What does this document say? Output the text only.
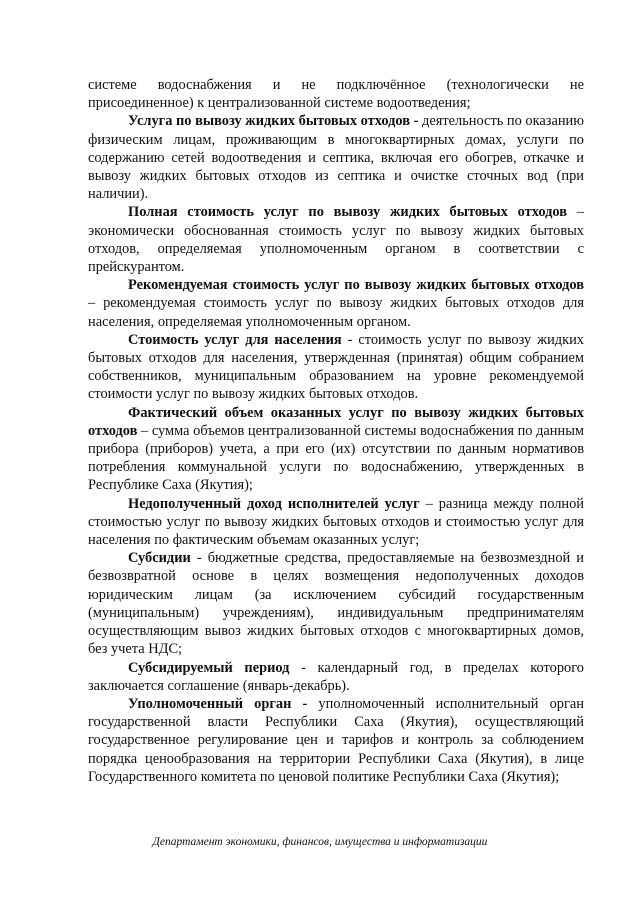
системе водоснабжения и не подключённое (технологически не присоединенное) к централизованной системе водоотведения;

Услуга по вывозу жидких бытовых отходов - деятельность по оказанию физическим лицам, проживающим в многоквартирных домах, услуги по содержанию сетей водоотведения и септика, включая его обогрев, откачке и вывозу жидких бытовых отходов из септика и очистке сточных вод (при наличии).

Полная стоимость услуг по вывозу жидких бытовых отходов – экономически обоснованная стоимость услуг по вывозу жидких бытовых отходов, определяемая уполномоченным органом в соответствии с прейскурантом.

Рекомендуемая стоимость услуг по вывозу жидких бытовых отходов – рекомендуемая стоимость услуг по вывозу жидких бытовых отходов для населения, определяемая уполномоченным органом.

Стоимость услуг для населения - стоимость услуг по вывозу жидких бытовых отходов для населения, утвержденная (принятая) общим собранием собственников, муниципальным образованием на уровне рекомендуемой стоимости услуг по вывозу жидких бытовых отходов.

Фактический объем оказанных услуг по вывозу жидких бытовых отходов – сумма объемов централизованной системы водоснабжения по данным прибора (приборов) учета, а при его (их) отсутствии по данным нормативов потребления коммунальной услуги по водоснабжению, утвержденных в Республике Саха (Якутия);

Недополученный доход исполнителей услуг – разница между полной стоимостью услуг по вывозу жидких бытовых отходов и стоимостью услуг для населения по фактическим объемам оказанных услуг;

Субсидии - бюджетные средства, предоставляемые на безвозмездной и безвозвратной основе в целях возмещения недополученных доходов юридическим лицам (за исключением субсидий государственным (муниципальным) учреждениям), индивидуальным предпринимателям осуществляющим вывоз жидких бытовых отходов с многоквартирных домов, без учета НДС;

Субсидируемый период - календарный год, в пределах которого заключается соглашение (январь-декабрь).

Уполномоченный орган - уполномоченный исполнительный орган государственной власти Республики Саха (Якутия), осуществляющий государственное регулирование цен и тарифов и контроль за соблюдением порядка ценообразования на территории Республики Саха (Якутия), в лице Государственного комитета по ценовой политике Республики Саха (Якутия);

Департамент экономики, финансов, имущества и информатизации
